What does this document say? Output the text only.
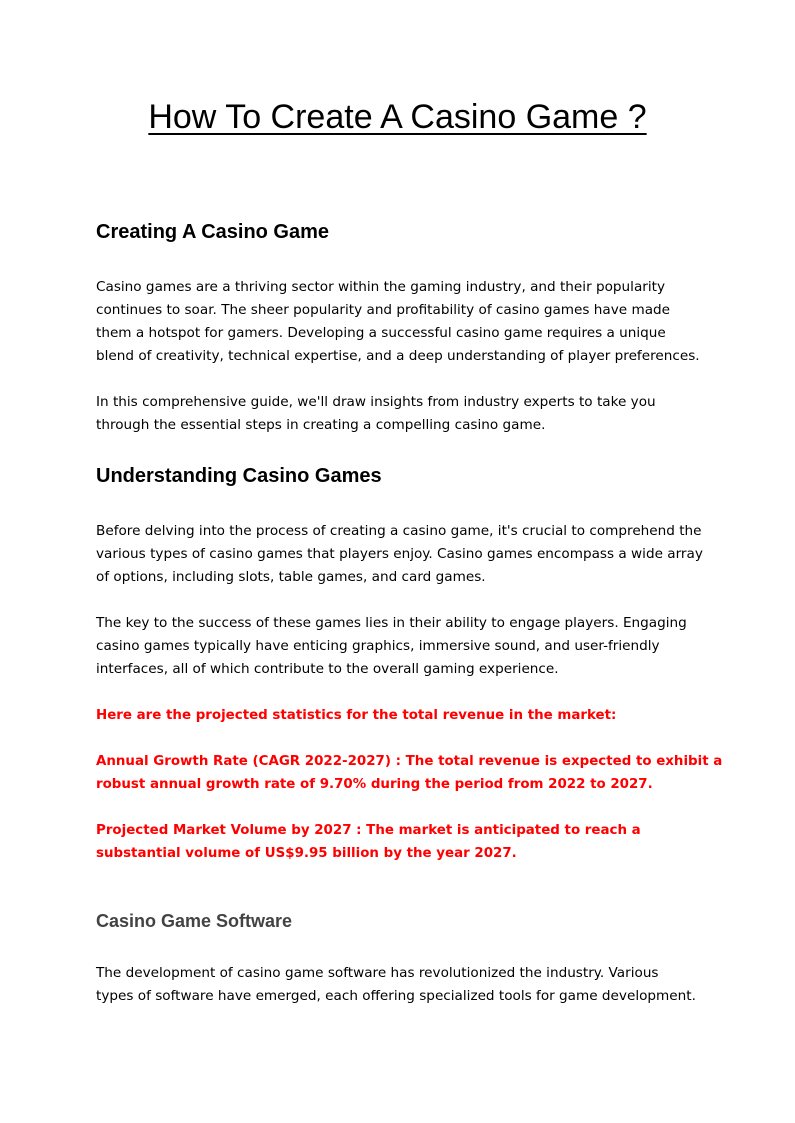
How To Create A Casino Game ?
Creating A Casino Game

Casino games are a thriving sector within the gaming industry, and their popularity
continues to soar. The sheer popularity and profitability of casino games have made
them a hotspot for gamers. Developing a successful casino game requires a unique
blend of creativity, technical expertise, and a deep understanding of player preferences.

In this comprehensive guide, we'll draw insights from industry experts to take you
through the essential steps in creating a compelling casino game.

Understanding Casino Games

Before delving into the process of creating a casino game, it's crucial to comprehend the
various types of casino games that players enjoy. Casino games encompass a wide array
of options, including slots, table games, and card games.

The key to the success of these games lies in their ability to engage players. Engaging
casino games typically have enticing graphics, immersive sound, and user-friendly
interfaces, all of which contribute to the overall gaming experience.

Here are the projected statistics for the total revenue in the market:

Annual Growth Rate (CAGR 2022-2027) : The total revenue is expected to exhibit a
robust annual growth rate of 9.70% during the period from 2022 to 2027.

Projected Market Volume by 2027 : The market is anticipated to reach a
substantial volume of US$9.95 billion by the year 2027.

Casino Game Software

The development of casino game software has revolutionized the industry. Various
types of software have emerged, each offering specialized tools for game development.
